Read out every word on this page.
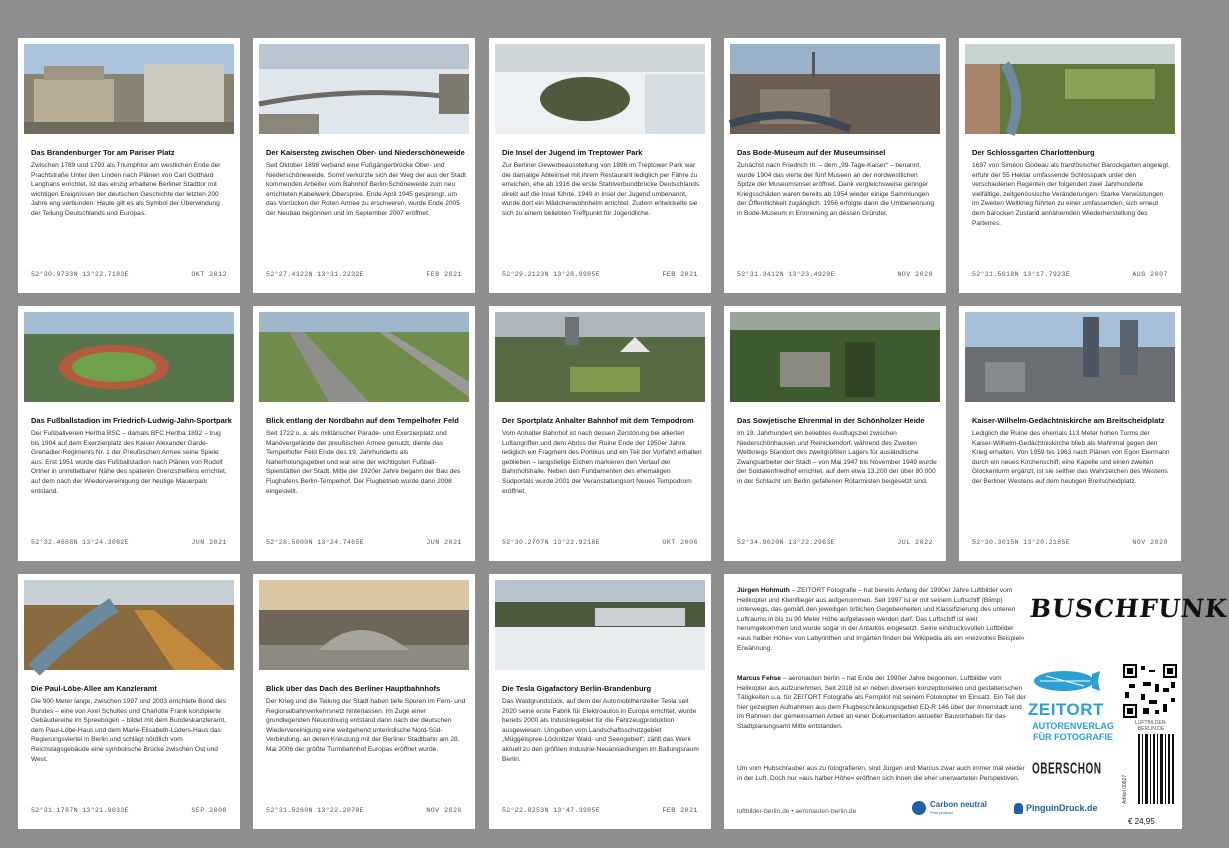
Das Brandenburger Tor am Pariser Platz
Zwischen 1789 und 1793 als Triumphtor am westlichen Ende der Prachtstraße Unter den Linden nach Plänen von Carl Gotthard Langhans errichtet, ist das einzig erhaltene Berliner Stadttor mit wichtigen Ereignissen der deutschen Geschichte der letzten 200 Jahre eng verbunden. Heute gilt es als Symbol der Überwindung der Teilung Deutschlands und Europas.
52°30.9733N 13°22.7183E	OKT 2012
Der Kaisersteg zwischen Ober- und Niederschöneweide
Seit Oktober 1898 verband eine Fußgängerbrücke Ober- und Niederschöneweide. Somit verkürzte sich der Weg der aus der Stadt kommenden Arbeiter vom Bahnhof Berlin-Schöneweide zum neu errichteten Kabelwerk Oberspree. Ende April 1945 gesprengt, um das Vorrücken der Roten Armee zu erschweren, wurde Ende 2005 der Neubau begonnen und im September 2007 eröffnet.
52°27.4322N 13°31.2232E	FEB 2021
Die Insel der Jugend im Treptower Park
Zur Berliner Gewerbeausstellung von 1896 im Treptower Park war die damalige Abteiinsel mit ihrem Restaurant lediglich per Fähre zu erreichen, ehe ab 1916 die erste Stahlverbundbrücke Deutschlands direkt auf die Insel führte. 1949 in Insel der Jugend umbenannt, wurde dort ein Mädchenwohnheim errichtet. Zudem entwickelte sie sich zu einem beliebten Treffpunkt für Jugendliche.
52°29.2123N 13°28.9985E	FEB 2021
Das Bode-Museum auf der Museumsinsel
Zunächst nach Friedrich III. – dem „99-Tage-Kaiser“ – benannt, wurde 1904 das vierte der fünf Museen an der nordwestlichen Spitze der Museumsinsel eröffnet. Dank vergleichsweise geringer Kriegsschäden waren bereits ab 1954 wieder einige Sammlungen der Öffentlichkeit zugänglich. 1956 erfolgte dann die Umbenennung in Bode-Museum in Erinnerung an dessen Gründer.
52°31.3412N 13°23.4920E	NOV 2020
Der Schlossgarten Charlottenburg
1697 von Siméon Godeau als französischer Barockgarten angelegt, erfuhr der 55 Hektar umfassende Schlosspark unter den verschiedenen Regenten der folgenden zwei Jahrhunderte vielfältige, zeitgenössische Veränderungen. Starke Verwüstungen im Zweiten Weltkrieg führten zu einer umfassenden, sich erneut dem barocken Zustand annähernden Wiederherstellung des Parterres.
52°31.5018N 13°17.7923E	AUG 2007
Das Fußballstadion im Friedrich-Ludwig-Jahn-Sportpark
Der Fußballverein Hertha BSC – damals BFC Hertha 1892 – trug bis 1904 auf dem Exerzierplatz des Kaiser Alexander Garde-Grenadier-Regiments Nr. 1 der Preußischen Armee seine Spiele aus. Erst 1951 wurde das Fußballstadion nach Plänen von Rudolf Ortner in unmittelbarer Nähe des späteren Grenzstreifens errichtet, auf dem nach der Wiedervereinigung der heutige Mauerpark entstand.
52°32.4668N 13°24.3082E	JUN 2021
Blick entlang der Nordbahn auf dem Tempelhofer Feld
Seit 1722 u. a. als militärischer Parade- und Exerzierplatz und Manövergelände der preußischen Armee genutzt, diente das Tempelhofer Feld Ende des 19. Jahrhunderts als Naherholungsgebiet und war eine der wichtigsten Fußball-Spielstätten der Stadt. Mitte der 1920er Jahre begann der Bau des Flughafens Berlin-Tempelhof. Der Flugbetrieb wurde dann 2008 eingestellt.
52°28.5000N 13°24.7465E	JUN 2021
Der Sportplatz Anhalter Bahnhof mit dem Tempodrom
Vom Anhalter Bahnhof ist nach dessen Zerstörung bei allierten Luftangriffen und dem Abriss der Ruine Ende der 1950er Jahre lediglich ein Fragment des Portikus und ein Teil der Vorfahrt erhalten geblieben – langstielige Eichen markieren den Verlauf der Bahnhofshalle. Neben den Fundamenten des ehemaligen Südportals wurde 2001 der Veranstaltungsort Neues Tempodrom eröffnet.
52°30.2707N 13°22.9218E	OKT 2006
Das Sowjetische Ehrenmal in der Schönholzer Heide
Im 19. Jahrhundert ein beliebtes Ausflugsziel zwischen Niederschönhausen und Reinickendorf, während des Zweiten Weltkriegs Standort des zweitgrößten Lagers für ausländische Zwangsarbeiter der Stadt – von Mai 1947 bis November 1949 wurde der Soldatenfriedhof errichtet, auf dem etwa 13.200 der über 80.000 in der Schlacht um Berlin gefallenen Rotarmisten beigesetzt sind.
52°34.9620N 13°22.2963E	JUL 2022
Kaiser-Wilhelm-Gedächtniskirche am Breitscheidplatz
Lediglich die Ruine des ehemals 113 Meter hohen Turms der Kaiser-Wilhelm-Gedächtniskirche blieb als Mahnmal gegen den Krieg erhalten. Von 1959 bis 1963 nach Plänen von Egon Eiermann durch ein neues Kirchenschiff, eine Kapelle und einen zweiten Glockenturm ergänzt, ist sie seither das Wahrzeichen des Westens der Berliner Westens auf dem heutigen Breitscheidplatz.
52°30.3015N 13°20.2185E	NOV 2020
Die Paul-Löbe-Allee am Kanzleramt
Die 900 Meter lange, zwischen 1997 und 2003 errichtete Bond des Bundes – eine von Axel Schultes und Charlotte Frank konzipierte Gebäudereihe im Spreebogen – bildet mit dem Bundeskanzleramt, dem Paul-Löbe-Haus und dem Marie-Elisabeth-Lüders-Haus das Regierungsviertel in Berlin und schlägt nördlich vom Reichstagsgebäude eine symbolische Brücke zwischen Ost und West.
52°31.1787N 13°21.9033E	SEP 2008
Blick über das Dach des Berliner Hauptbahnhofs
Der Krieg und die Teilung der Stadt haben tiefe Spuren im Fern- und Regionalbahnverkehrsnetz hinterlassen. Im Zuge einer grundlegenden Neuordnung entstand dann nach der deutschen Wiedervereinigung eine weitgehend unterirdische Nord-Süd-Verbindung, an deren Kreuzung mit der Berliner Stadtbahn am 28. Mai 2006 der größte Turmbahnhof Europas eröffnet wurde.
52°31.5260N 13°22.2078E	NOV 2020
Die Tesla Gigafactory Berlin-Brandenburg
Das Waldgrundstück, auf dem der Automobilhersteller Tesla seit 2020 seine erste Fabrik für Elektroautos in Europa errichtet, wurde bereits 2000 als Industriegebiet für die Fahrzeugproduktion ausgewiesen. Umgeben vom Landschaftsschutzgebiet „Müggelspree-Löcknitzer Wald- und Seengebiet“, zählt das Werk aktuell zu den größten Industrie-Neuansiedlungen im Ballungsraum Berlin.
52°22.8253N 13°47.3985E	FEB 2021
Jürgen Hohmuth – ZEITORT Fotografie – hat bereits Anfang der 1990er Jahre Luftbilder vom Helikopter und Kleinflieger aus aufgenommen. Seit 1997 ist er mit seinem Luftschiff (Blimp) unterwegs, das gemäß den jeweiligen örtlichen Gegebenheiten und Klassifizierung des unteren Luftraums in bis zu 90 Meter Höhe aufgelassen werden darf. Das Luftschiff ist weit herumgekommen und wurde sogar in der Antarktis eingesetzt. Seine eindrucksvollen Luftbilder »aus halber Höhe« von Labyrinthen und Irrgärten finden bei Wikipedia als ein »reizvolles Beispiel« Erwähnung.
Marcus Fehse – aeronauten berlin – hat Ende der 1990er Jahre begonnen, Luftbilder vom Helikopter aus aufzunehmen. Seit 2018 ist er neben diversen konzeptionellen und gestalterischen Tätigkeiten u.a. für ZEITORT Fotografie als Fernpilot mit seinem Fotokopter im Einsatz. Ein Teil der hier gezeigten Aufnahmen aus dem Flugbeschränkungsgebiet ED-R 146 über der Innenstadt sind im Rahmen der gemeinsamen Arbeit an einer Dokumentation aktueller Bauvorhaben für das Stadtplanungsamt Mitte entstanden.
Um vom Hubschrauber aus zu fotografieren, sind Jürgen und Marcus zwar auch immer mal wieder in der Luft. Doch nur »aus halber Höhe« eröffnen sich ihnen die eher unerwarteten Perspektiven.
luftbilder-berlin.de • aeronauten-berlin.de
BUSCHFUNK
ZEITORT
AUTORENVERLAG FÜR FOTOGRAFIE
LUFTBILDER-BERLIN.DE
OBERSCHON
Artikel 00827
€ 24,95
Carbon neutral
Print product	PinguinDruck.de
